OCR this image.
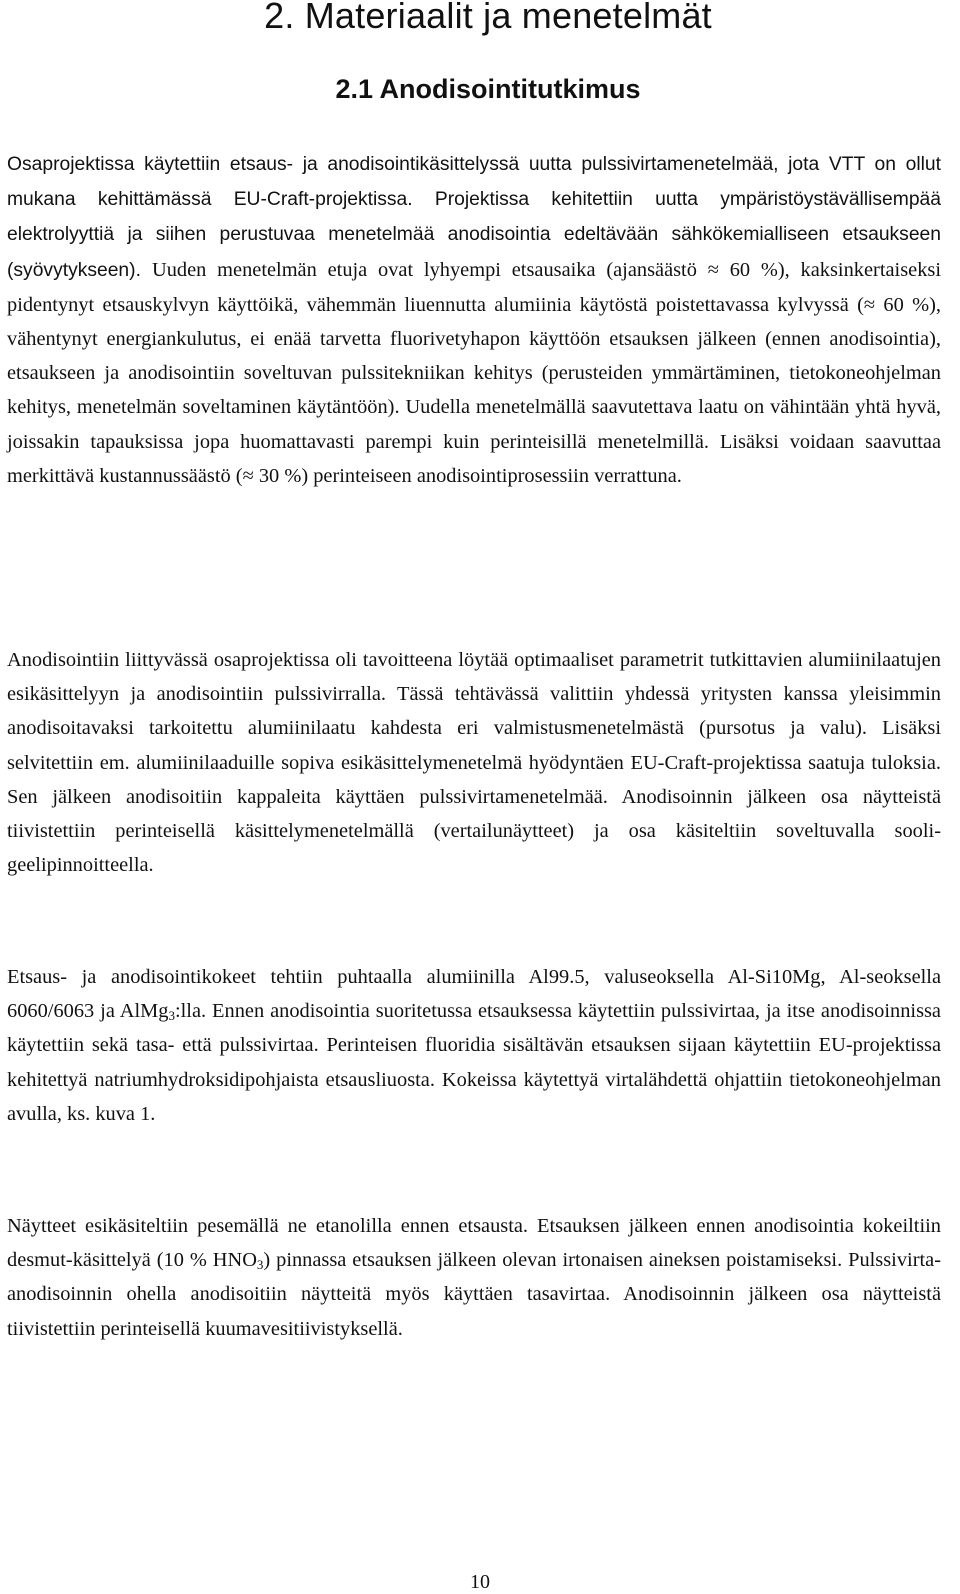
2. Materiaalit ja menetelmät
2.1 Anodisointitutkimus

Osaprojektissa käytettiin etsaus- ja anodisointikäsittelyssä uutta pulssivirtamenetelmää, jota VTT on ollut mukana kehittämässä EU-Craft-projektissa. Projektissa kehitettiin uutta ympäristöystävällisempää elektrolyyttiä ja siihen perustuvaa menetelmää anodisointia edeltävään sähkökemialliseen etsaukseen (syövytykseen). Uuden menetelmän etuja ovat lyhyempi etsausaika (ajansäästö ≈ 60 %), kaksinkertaiseksi pidentynyt etsauskylvyn käyttöikä, vähemmän liuennutta alumiinia käytöstä poistettavassa kylvyssä (≈ 60 %), vähentynyt energiankulutus, ei enää tarvetta fluorivetyhapon käyttöön etsauksen jälkeen (ennen anodisointia), etsaukseen ja anodisointiin soveltuvan pulssitekniikan kehitys (perusteiden ymmärtäminen, tietokoneohjelman kehitys, menetelmän soveltaminen käytäntöön). Uudella menetelmällä saavutettava laatu on vähintään yhtä hyvä, joissakin tapauksissa jopa huomattavasti parempi kuin perinteisillä menetelmillä. Lisäksi voidaan saavuttaa merkittävä kustannussäästö (≈ 30 %) perinteiseen anodisointiprosessiin verrattuna.

Anodisointiin liittyvässä osaprojektissa oli tavoitteena löytää optimaaliset parametrit tutkittavien alumiinilaatujen esikäsittelyyn ja anodisointiin pulssivirralla. Tässä tehtävässä valittiin yhdessä yritysten kanssa yleisimmin anodisoitavaksi tarkoitettu alumiinilaatu kahdesta eri valmistusmenetelmästä (pursotus ja valu). Lisäksi selvitettiin em. alumiinilaaduille sopiva esikäsittelymenetelmä hyödyntäen EU-Craft-projektissa saatuja tuloksia. Sen jälkeen anodisoitiin kappaleita käyttäen pulssivirtamenetelmää. Anodisoinnin jälkeen osa näytteistä tiivistettiin perinteisellä käsittelymenetelmällä (vertailunäytteet) ja osa käsiteltiin soveltuvalla sooli-geelipinnoitteella.

Etsaus- ja anodisointikokeet tehtiin puhtaalla alumiinilla Al99.5, valuseoksella Al-Si10Mg, Al-seoksella 6060/6063 ja AlMg$_3$:lla. Ennen anodisointia suoritetussa etsauksessa käytettiin pulssivirtaa, ja itse anodisoinnissa käytettiin sekä tasa- että pulssivirtaa. Perinteisen fluoridia sisältävän etsauksen sijaan käytettiin EU-projektissa kehitettyä natriumhydroksidipohjaista etsausliuosta. Kokeissa käytettyä virtalähdettä ohjattiin tietokoneohjelman avulla, ks. kuva 1.

Näytteet esikäsiteltiin pesemällä ne etanolilla ennen etsausta. Etsauksen jälkeen ennen anodisointia kokeiltiin desmut-käsittelyä (10 % $HNO_3$) pinnassa etsauksen jälkeen olevan irtonaisen aineksen poistamiseksi. Pulssivirta-anodisoinnin ohella anodisoitiin näytteitä myös käyttäen tasavirtaa. Anodisoinnin jälkeen osa näytteistä tiivistettiin perinteisellä kuumavesitiivistyksellä.

10
